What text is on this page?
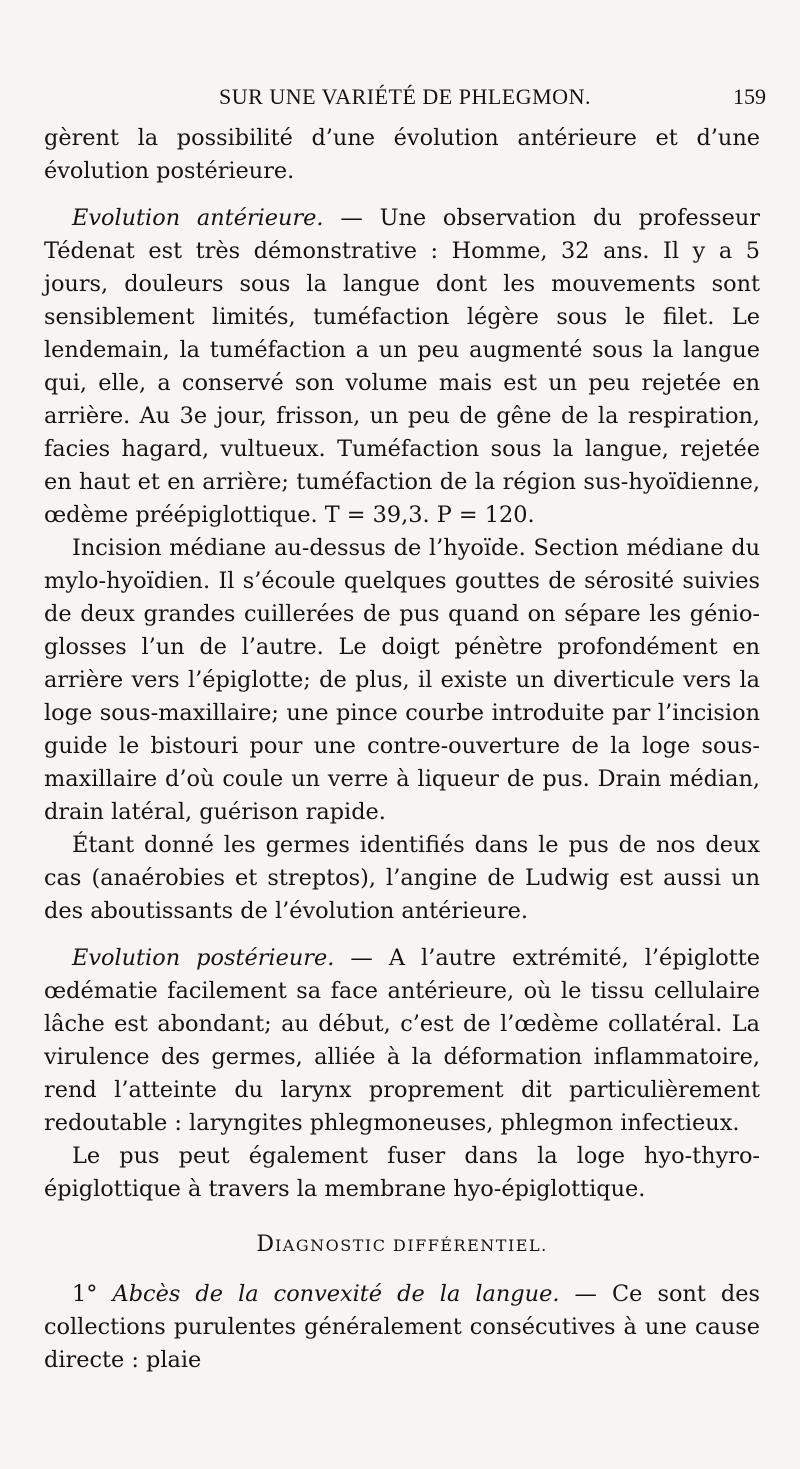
SUR UNE VARIÉTÉ DE PHLEGMON.	159

gèrent la possibilité d’une évolution antérieure et d’une évolution postérieure.

Evolution antérieure. — Une observation du professeur Tédenat est très démonstrative : Homme, 32 ans. Il y a 5 jours, douleurs sous la langue dont les mouvements sont sensiblement limités, tuméfaction légère sous le filet. Le lendemain, la tuméfaction a un peu augmenté sous la langue qui, elle, a conservé son volume mais est un peu rejetée en arrière. Au 3e jour, frisson, un peu de gêne de la respiration, facies hagard, vultueux. Tuméfaction sous la langue, rejetée en haut et en arrière; tuméfaction de la région sus-hyoïdienne, œdème préépiglottique. T = 39,3. P = 120.

Incision médiane au-dessus de l’hyoïde. Section médiane du mylo-hyoïdien. Il s’écoule quelques gouttes de sérosité suivies de deux grandes cuillerées de pus quand on sépare les génio-glosses l’un de l’autre. Le doigt pénètre profondément en arrière vers l’épiglotte; de plus, il existe un diverticule vers la loge sous-maxillaire; une pince courbe introduite par l’incision guide le bistouri pour une contre-ouverture de la loge sous-maxillaire d’où coule un verre à liqueur de pus. Drain médian, drain latéral, guérison rapide.

Étant donné les germes identifiés dans le pus de nos deux cas (anaérobies et streptos), l’angine de Ludwig est aussi un des aboutissants de l’évolution antérieure.

Evolution postérieure. — A l’autre extrémité, l’épiglotte œdématie facilement sa face antérieure, où le tissu cellulaire lâche est abondant; au début, c’est de l’œdème collatéral. La virulence des germes, alliée à la déformation inflammatoire, rend l’atteinte du larynx proprement dit particulièrement redoutable : laryngites phlegmoneuses, phlegmon infectieux.

Le pus peut également fuser dans la loge hyo-thyro-épiglottique à travers la membrane hyo-épiglottique.

DIAGNOSTIC DIFFÉRENTIEL.

1° Abcès de la convexité de la langue. — Ce sont des collections purulentes généralement consécutives à une cause directe : plaie
